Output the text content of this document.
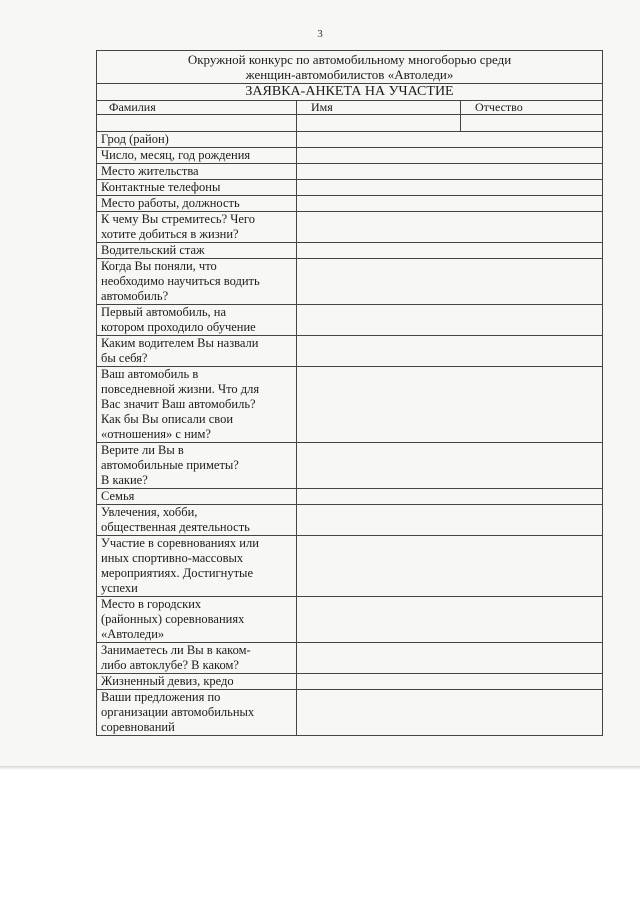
3
Окружной конкурс по автомобильному многоборью среди
женщин-автомобилистов «Автоледи»		
ЗАЯВКА-АНКЕТА НА УЧАСТИЕ		
Фамилия	Имя	Отчество

Грод (район)		

Число, месяц, год рождения		

Место жительства		

Контактные телефоны		

Место работы, должность		

К чему Вы стремитесь? Чего
хотите добиться в жизни?		

Водительский стаж		

Когда Вы поняли, что
необходимо научиться водить
автомобиль?		

Первый автомобиль, на
котором проходило обучение		

Каким водителем Вы назвали
бы себя?		

Ваш автомобиль в
повседневной жизни. Что для
Вас значит Ваш автомобиль?
Как бы Вы описали свои
«отношения» с ним?		

Верите ли Вы в
автомобильные приметы?
В какие?		

Семья		

Увлечения, хобби,
общественная деятельность		

Участие в соревнованиях или
иных спортивно-массовых
мероприятиях. Достигнутые
успехи		

Место в городских
(районных) соревнованиях
«Автоледи»		

Занимаетесь ли Вы в каком-
либо автоклубе? В каком?		

Жизненный девиз, кредо		

Ваши предложения по
организации автомобильных
соревнований		
